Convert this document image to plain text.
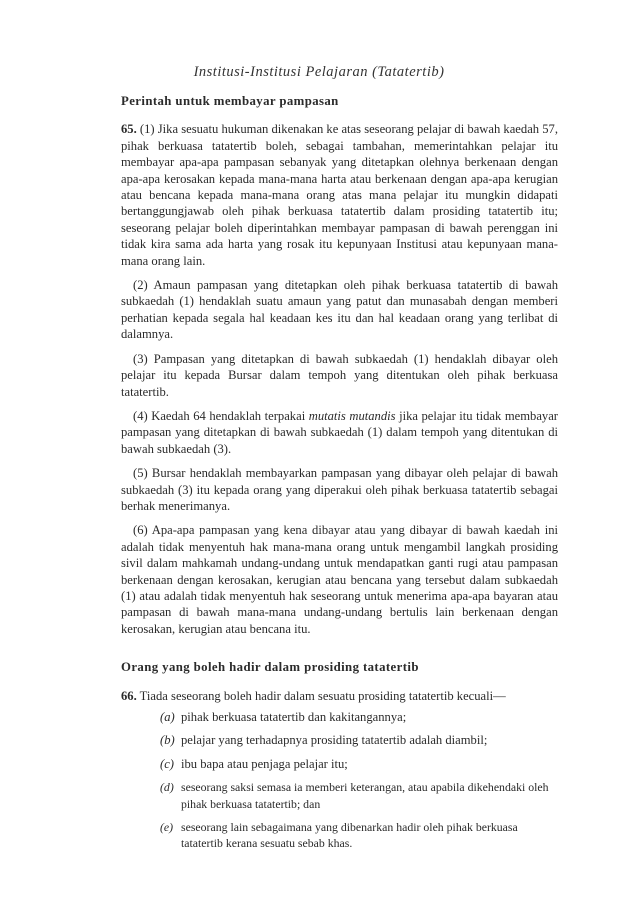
Institusi-Institusi Pelajaran (Tatatertib)

Perintah untuk membayar pampasan

65. (1) Jika sesuatu hukuman dikenakan ke atas seseorang pelajar di bawah kaedah 57, pihak berkuasa tatatertib boleh, sebagai tambahan, memerintahkan pelajar itu membayar apa-apa pampasan sebanyak yang ditetapkan olehnya berkenaan dengan apa-apa kerosakan kepada mana-mana harta atau berkenaan dengan apa-apa kerugian atau bencana kepada mana-mana orang atas mana pelajar itu mungkin didapati bertanggungjawab oleh pihak berkuasa tatatertib dalam prosiding tatatertib itu; seseorang pelajar boleh diperintahkan membayar pampasan di bawah perenggan ini tidak kira sama ada harta yang rosak itu kepunyaan Institusi atau kepunyaan mana-mana orang lain.

(2) Amaun pampasan yang ditetapkan oleh pihak berkuasa tatatertib di bawah subkaedah (1) hendaklah suatu amaun yang patut dan munasabah dengan memberi perhatian kepada segala hal keadaan kes itu dan hal keadaan orang yang terlibat di dalamnya.

(3) Pampasan yang ditetapkan di bawah subkaedah (1) hendaklah dibayar oleh pelajar itu kepada Bursar dalam tempoh yang ditentukan oleh pihak berkuasa tatatertib.

(4) Kaedah 64 hendaklah terpakai mutatis mutandis jika pelajar itu tidak membayar pampasan yang ditetapkan di bawah subkaedah (1) dalam tempoh yang ditentukan di bawah subkaedah (3).

(5) Bursar hendaklah membayarkan pampasan yang dibayar oleh pelajar di bawah subkaedah (3) itu kepada orang yang diperakui oleh pihak berkuasa tatatertib sebagai berhak menerimanya.

(6) Apa-apa pampasan yang kena dibayar atau yang dibayar di bawah kaedah ini adalah tidak menyentuh hak mana-mana orang untuk mengambil langkah prosiding sivil dalam mahkamah undang-undang untuk mendapatkan ganti rugi atau pampasan berkenaan dengan kerosakan, kerugian atau bencana yang tersebut dalam subkaedah (1) atau adalah tidak menyentuh hak seseorang untuk menerima apa-apa bayaran atau pampasan di bawah mana-mana undang-undang bertulis lain berkenaan dengan kerosakan, kerugian atau bencana itu.

Orang yang boleh hadir dalam prosiding tatatertib

66. Tiada seseorang boleh hadir dalam sesuatu prosiding tatatertib kecuali—

(a) pihak berkuasa tatatertib dan kakitangannya;
(b) pelajar yang terhadapnya prosiding tatatertib adalah diambil;
(c) ibu bapa atau penjaga pelajar itu;
(d) seseorang saksi semasa ia memberi keterangan, atau apabila dikehendaki oleh pihak berkuasa tatatertib; dan
(e) seseorang lain sebagaimana yang dibenarkan hadir oleh pihak berkuasa tatatertib kerana sesuatu sebab khas.
